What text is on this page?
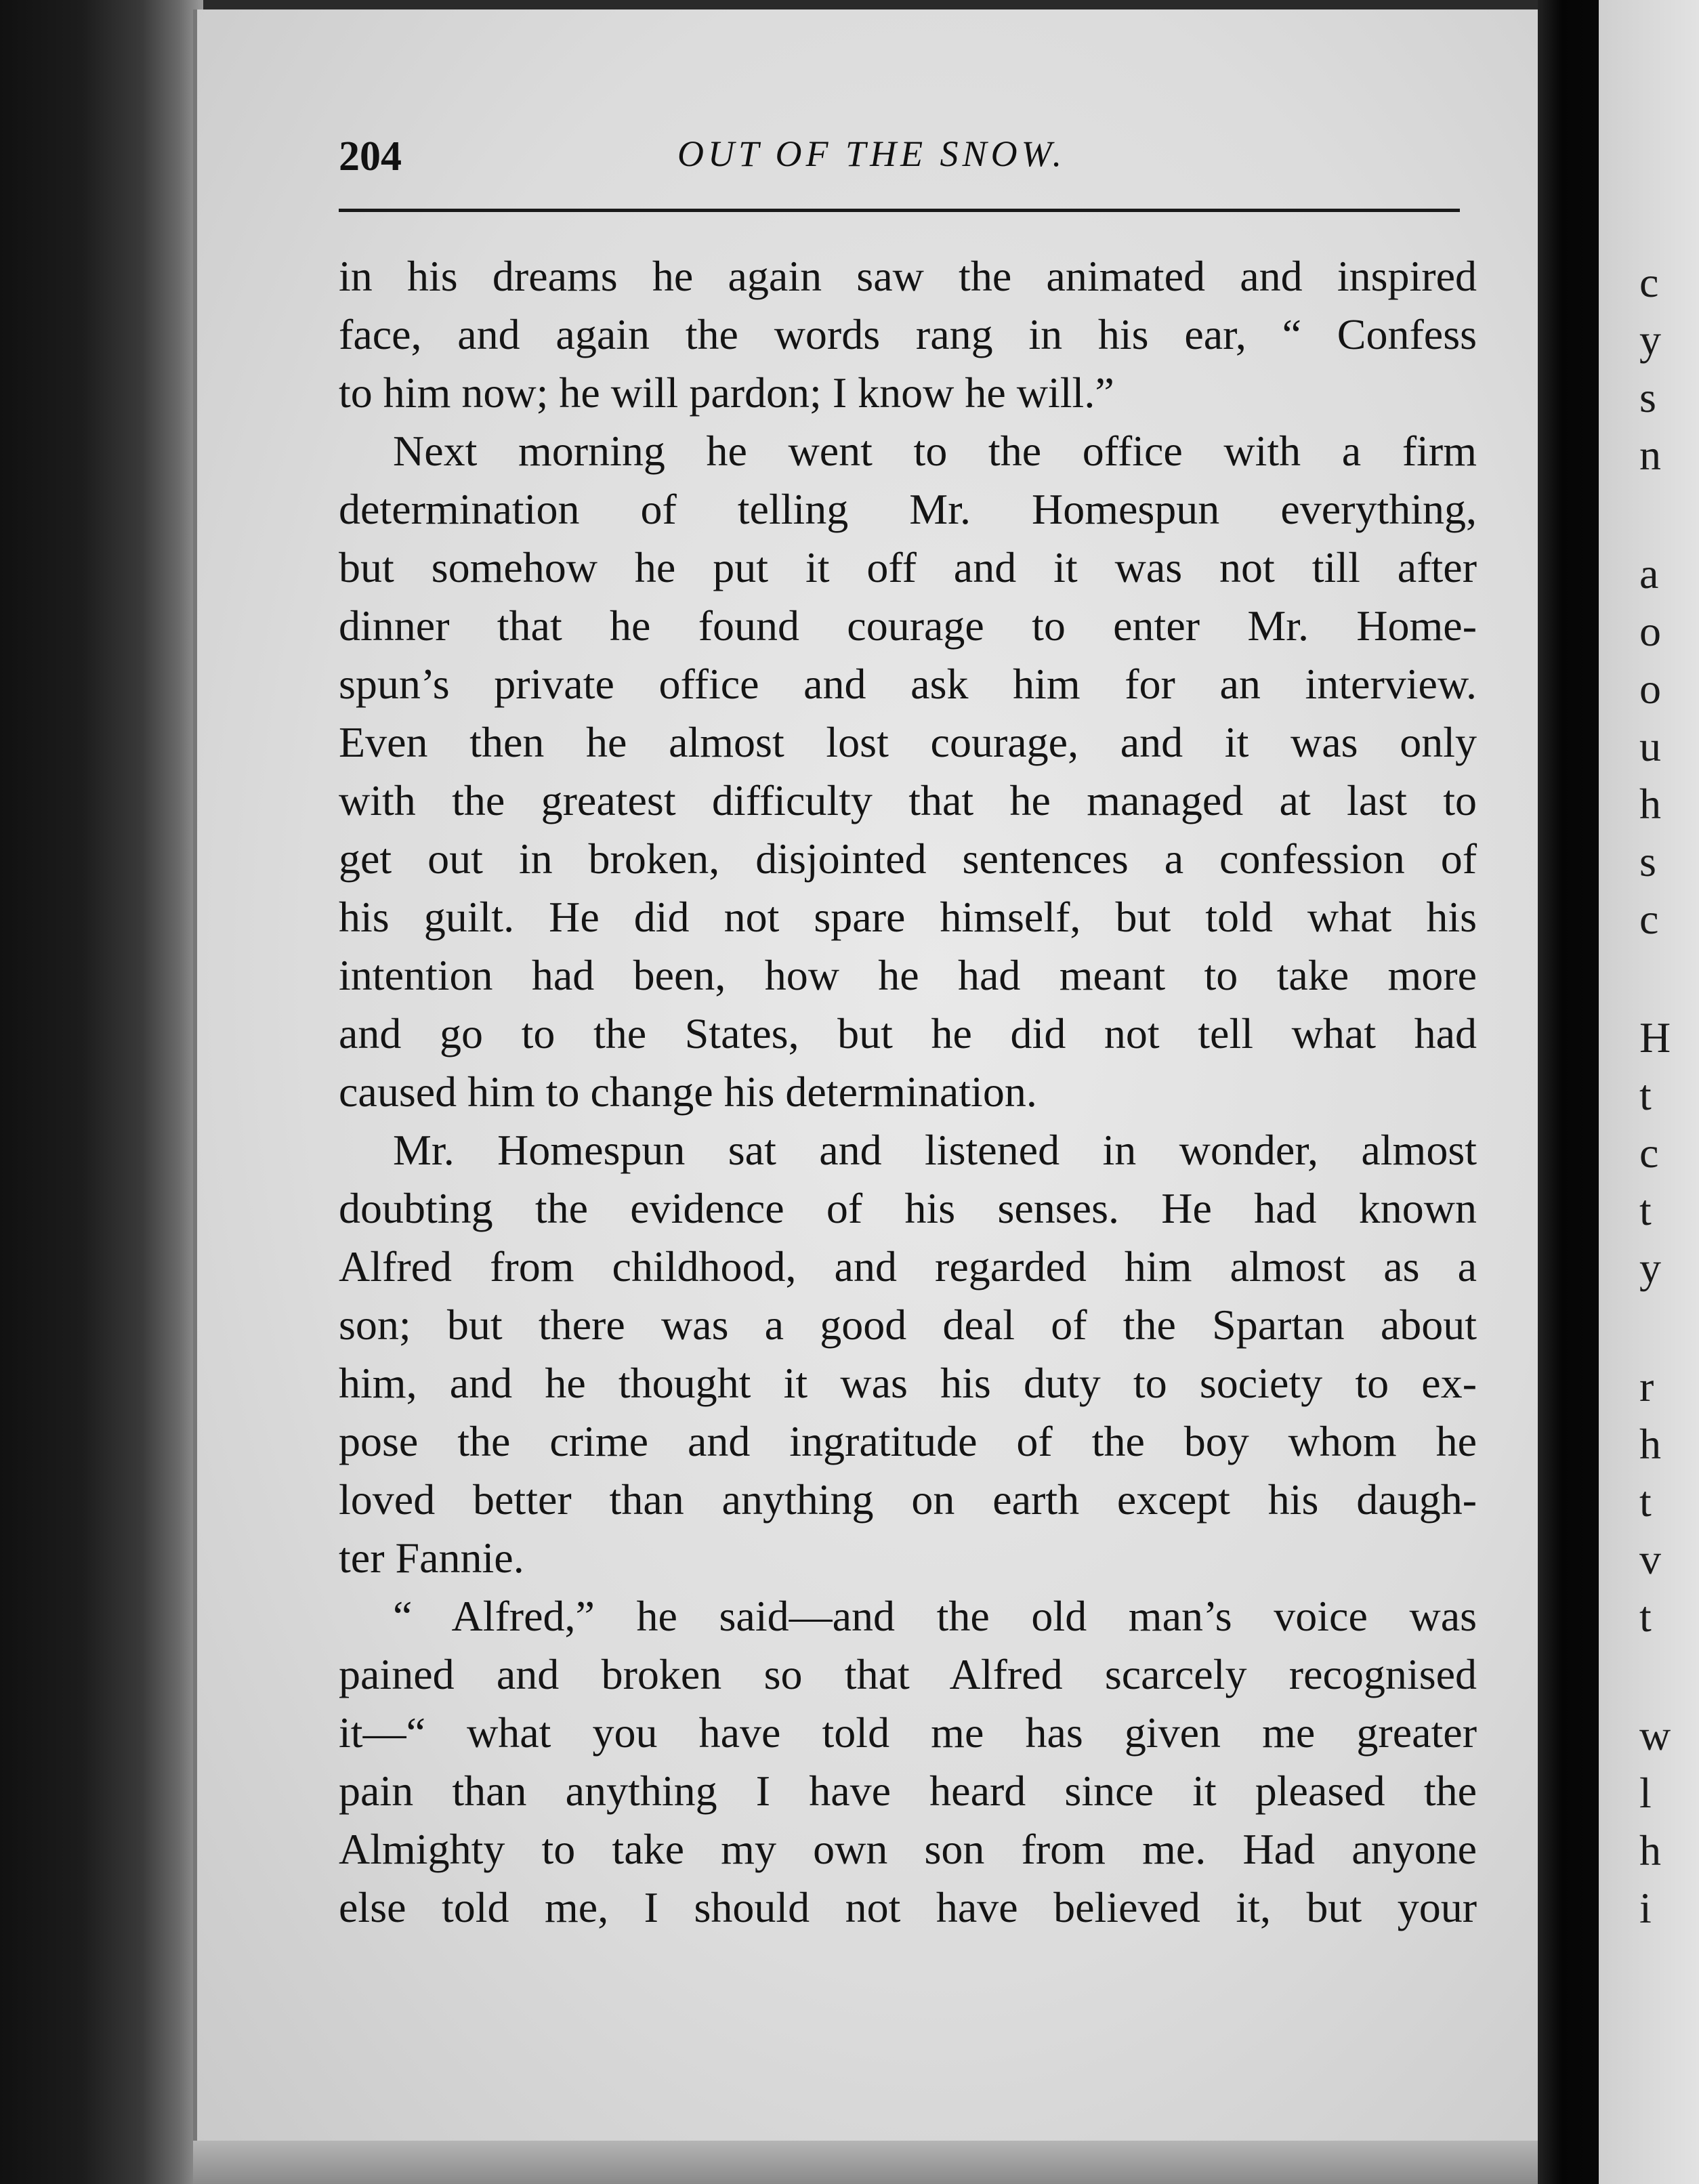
204	OUT OF THE SNOW.
in his dreams he again saw the animated and inspired
face, and again the words rang in his ear, “ Confess
to him now; he will pardon; I know he will.”
Next morning he went to the office with a firm
determination of telling Mr. Homespun everything,
but somehow he put it off and it was not till after
dinner that he found courage to enter Mr. Home-
spun’s private office and ask him for an interview.
Even then he almost lost courage, and it was only
with the greatest difficulty that he managed at last to
get out in broken, disjointed sentences a confession of
his guilt. He did not spare himself, but told what his
intention had been, how he had meant to take more
and go to the States, but he did not tell what had
caused him to change his determination.
Mr. Homespun sat and listened in wonder, almost
doubting the evidence of his senses. He had known
Alfred from childhood, and regarded him almost as a
son; but there was a good deal of the Spartan about
him, and he thought it was his duty to society to ex-
pose the crime and ingratitude of the boy whom he
loved better than anything on earth except his daugh-
ter Fannie.
“ Alfred,” he said—and the old man’s voice was
pained and broken so that Alfred scarcely recognised
it—“ what you have told me has given me greater
pain than anything I have heard since it pleased the
Almighty to take my own son from me. Had anyone
else told me, I should not have believed it, but your
c
y
s
n
a
o
o
u
h
s
c
H
t
c
t
y
r
h
t
v
t
w
l
h
i
